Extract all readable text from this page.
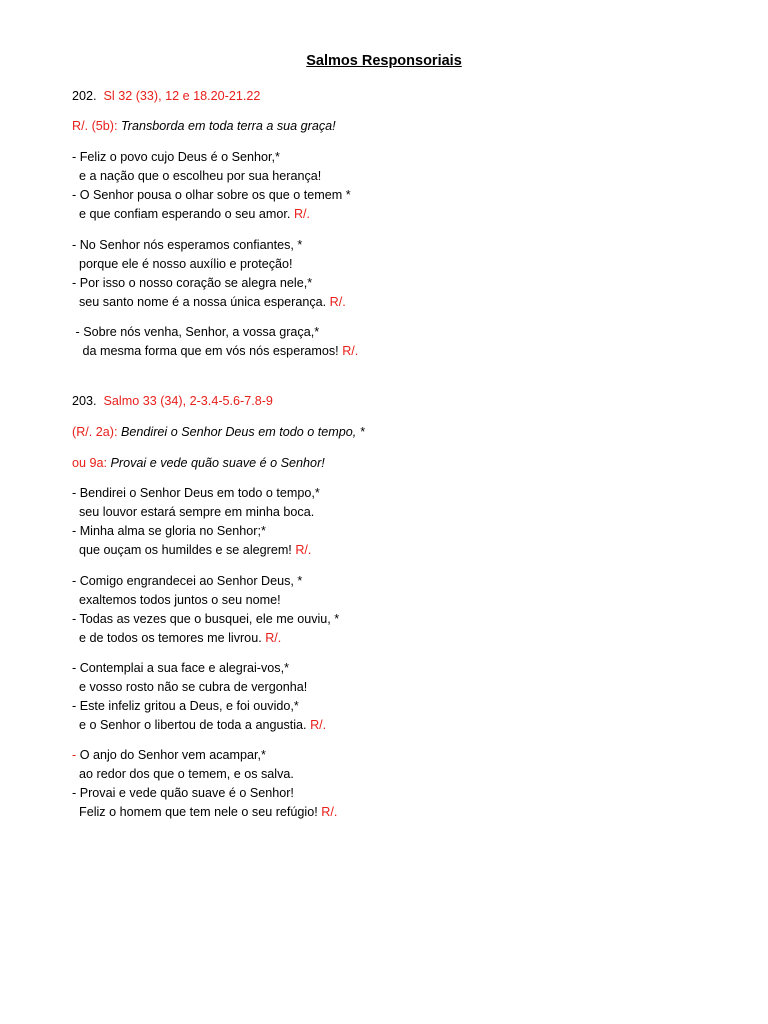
Salmos Responsoriais
202. Sl 32 (33), 12 e 18.20-21.22
R/. (5b): Transborda em toda terra a sua graça!
- Feliz o povo cujo Deus é o Senhor,*
e a nação que o escolheu por sua herança!
- O Senhor pousa o olhar sobre os que o temem *
e que confiam esperando o seu amor. R/.
- No Senhor nós esperamos confiantes, *
porque ele é nosso auxílio e proteção!
- Por isso o nosso coração se alegra nele,*
seu santo nome é a nossa única esperança. R/.
- Sobre nós venha, Senhor, a vossa graça,*
da mesma forma que em vós nós esperamos! R/.
203. Salmo 33 (34), 2-3.4-5.6-7.8-9
(R/. 2a): Bendirei o Senhor Deus em todo o tempo, *
ou 9a: Provai e vede quão suave é o Senhor!
- Bendirei o Senhor Deus em todo o tempo,*
seu louvor estará sempre em minha boca.
- Minha alma se gloria no Senhor;*
que ouçam os humildes e se alegrem! R/.
- Comigo engrandecei ao Senhor Deus, *
exaltemos todos juntos o seu nome!
- Todas as vezes que o busquei, ele me ouviu, *
e de todos os temores me livrou. R/.
- Contemplai a sua face e alegrai-vos,*
e vosso rosto não se cubra de vergonha!
- Este infeliz gritou a Deus, e foi ouvido,*
e o Senhor o libertou de toda a angustia. R/.
- O anjo do Senhor vem acampar,*
ao redor dos que o temem, e os salva.
- Provai e vede quão suave é o Senhor!
Feliz o homem que tem nele o seu refúgio! R/.
